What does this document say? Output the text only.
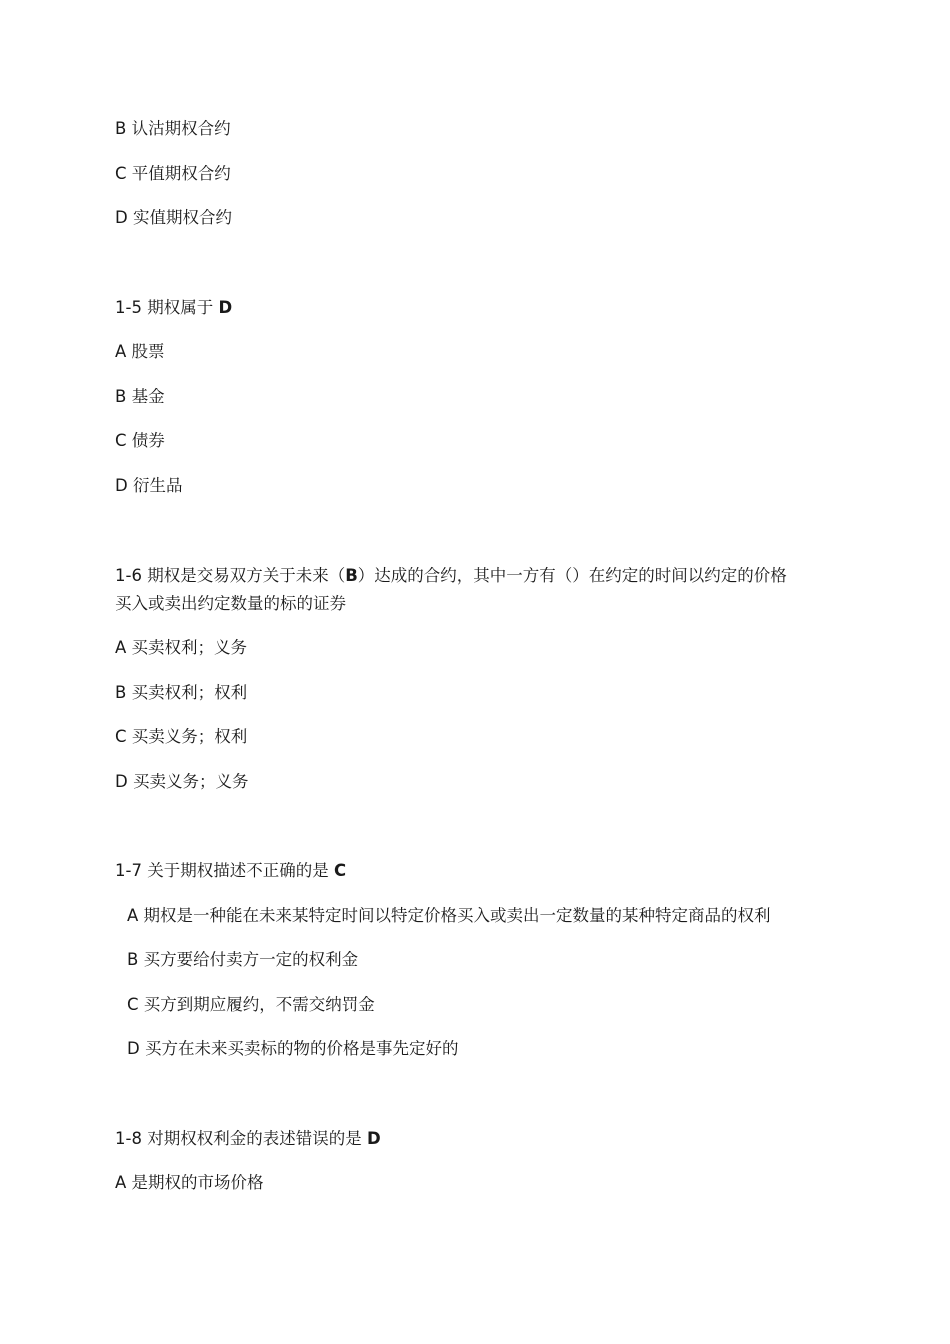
B 认沽期权合约
C 平值期权合约
D 实值期权合约
1-5 期权属于 D
A 股票
B 基金
C 债券
D 衍生品
1-6 期权是交易双方关于未来（B）达成的合约，其中一方有（）在约定的时间以约定的价格
买入或卖出约定数量的标的证券
A 买卖权利；义务
B 买卖权利；权利
C 买卖义务；权利
D 买卖义务；义务
1-7 关于期权描述不正确的是 C
A 期权是一种能在未来某特定时间以特定价格买入或卖出一定数量的某种特定商品的权利
B 买方要给付卖方一定的权利金
C 买方到期应履约，不需交纳罚金
D 买方在未来买卖标的物的价格是事先定好的
1-8 对期权权利金的表述错误的是 D
A 是期权的市场价格
